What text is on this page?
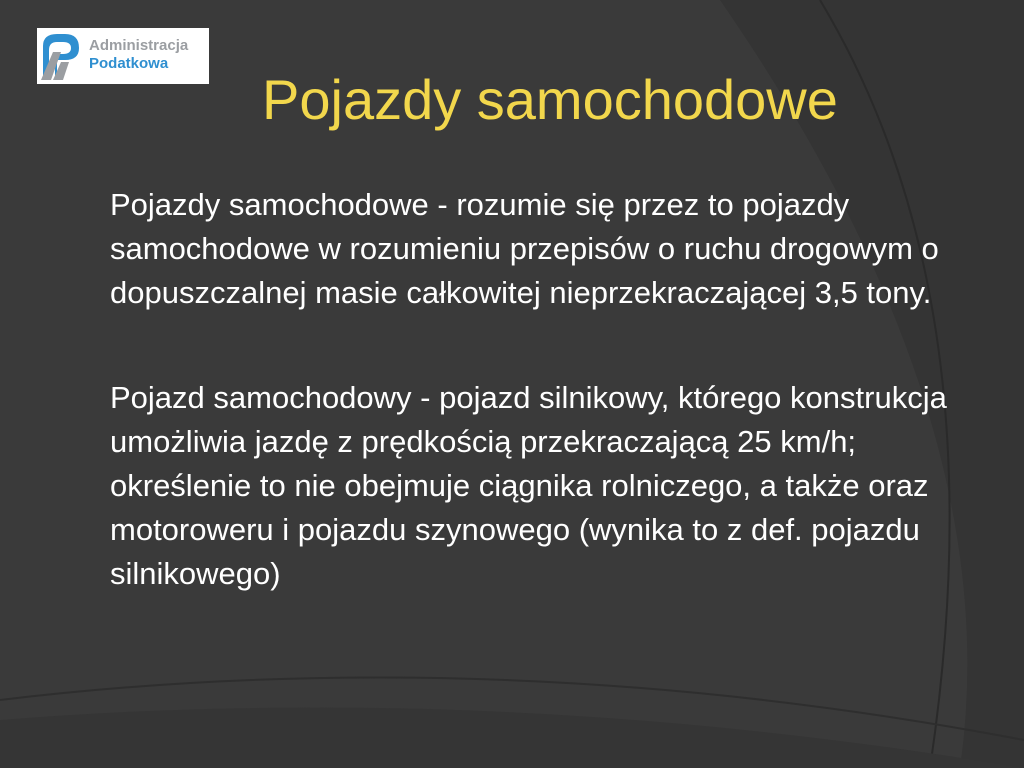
Administracja
Podatkowa
Pojazdy samochodowe

Pojazdy samochodowe - rozumie się przez to pojazdy samochodowe w rozumieniu przepisów o ruchu drogowym o dopuszczalnej masie całkowitej nieprzekraczającej 3,5 tony.

Pojazd samochodowy - pojazd silnikowy, którego konstrukcja umożliwia jazdę z prędkością przekraczającą 25 km/h; określenie to nie obejmuje ciągnika rolniczego, a także oraz motoroweru i pojazdu szynowego (wynika to z def. pojazdu silnikowego)
